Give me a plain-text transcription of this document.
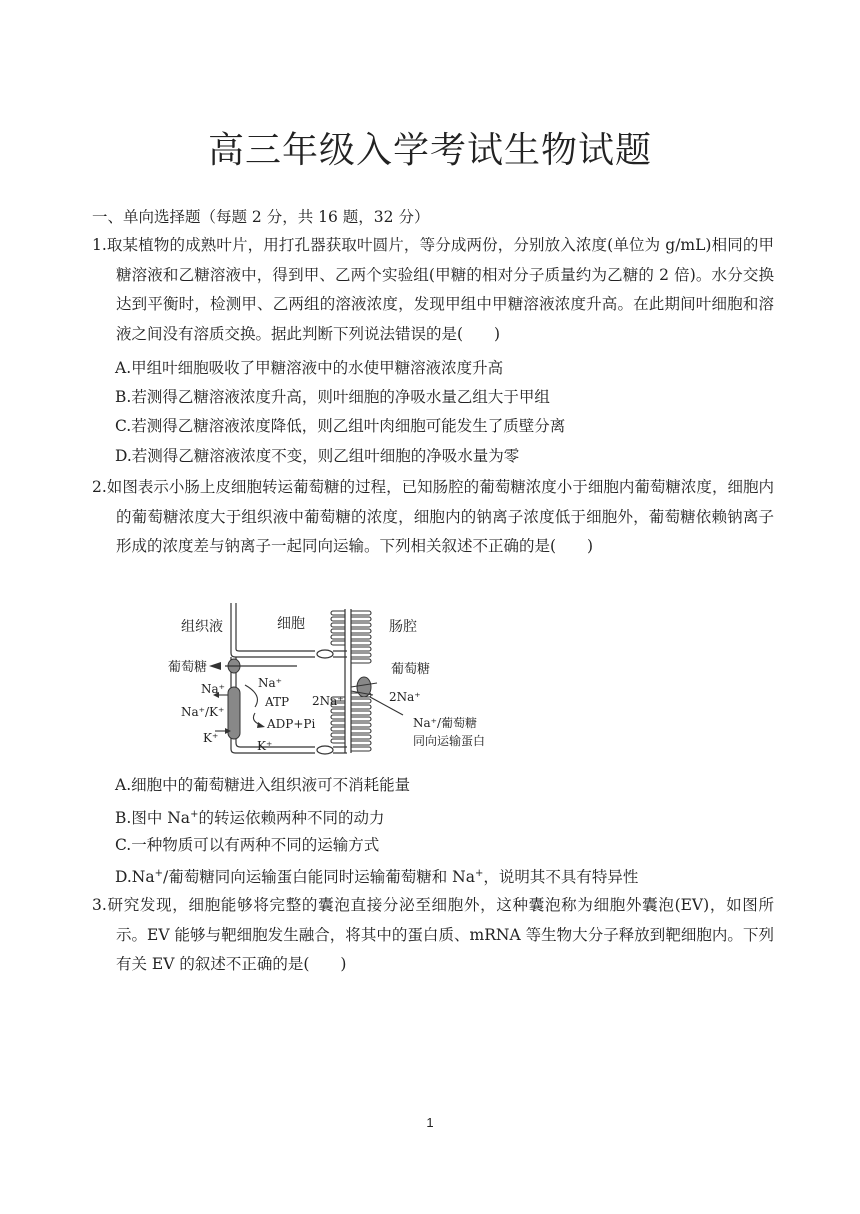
高三年级入学考试生物试题
一、单向选择题（每题 2 分，共 16 题，32 分）

1.取某植物的成熟叶片，用打孔器获取叶圆片，等分成两份，分别放入浓度(单位为 g/mL)相同的甲糖溶液和乙糖溶液中，得到甲、乙两个实验组(甲糖的相对分子质量约为乙糖的 2 倍)。水分交换达到平衡时，检测甲、乙两组的溶液浓度，发现甲组中甲糖溶液浓度升高。在此期间叶细胞和溶液之间没有溶质交换。据此判断下列说法错误的是(　　)

A.甲组叶细胞吸收了甲糖溶液中的水使甲糖溶液浓度升高
B.若测得乙糖溶液浓度升高，则叶细胞的净吸水量乙组大于甲组
C.若测得乙糖溶液浓度降低，则乙组叶肉细胞可能发生了质壁分离
D.若测得乙糖溶液浓度不变，则乙组叶细胞的净吸水量为零

2.如图表示小肠上皮细胞转运葡萄糖的过程，已知肠腔的葡萄糖浓度小于细胞内葡萄糖浓度，细胞内的葡萄糖浓度大于组织液中葡萄糖的浓度，细胞内的钠离子浓度低于细胞外，葡萄糖依赖钠离子形成的浓度差与钠离子一起同向运输。下列相关叙述不正确的是(　　)

组织液	细胞	肠腔
葡萄糖	葡萄糖
Na⁺	Na⁺
ATP
Na⁺/K⁺
ADP+Pi
K⁺
K⁺
2Na⁺	2Na⁺
Na⁺/葡萄糖
同向运输蛋白
A.细胞中的葡萄糖进入组织液可不消耗能量
B.图中 Na+的转运依赖两种不同的动力
C.一种物质可以有两种不同的运输方式
D.Na+/葡萄糖同向运输蛋白能同时运输葡萄糖和 Na+，说明其不具有特异性

3.研究发现，细胞能够将完整的囊泡直接分泌至细胞外，这种囊泡称为细胞外囊泡(EV)，如图所示。EV 能够与靶细胞发生融合，将其中的蛋白质、mRNA 等生物大分子释放到靶细胞内。下列有关 EV 的叙述不正确的是(　　)

1
